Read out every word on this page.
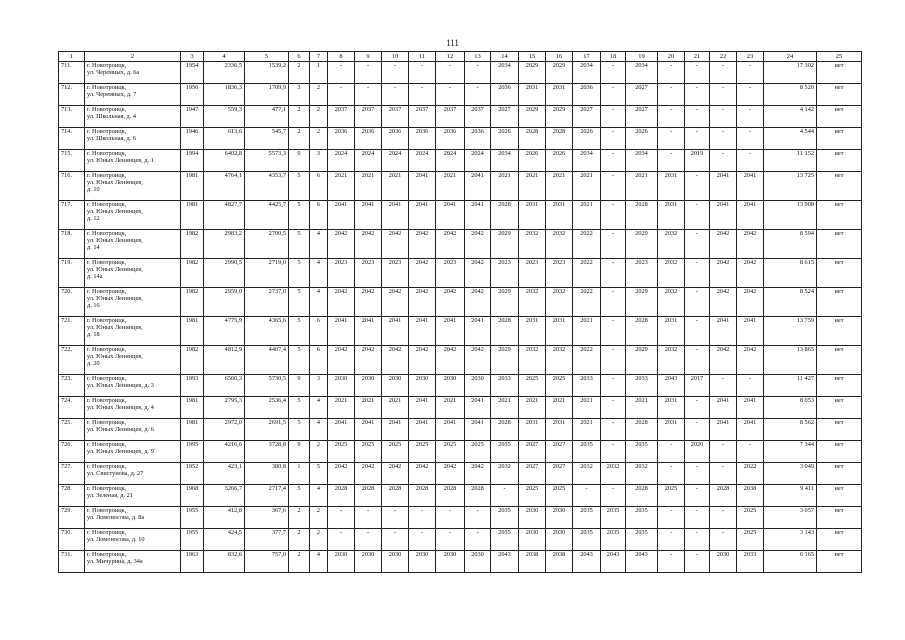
111
1	2	3	4	5	6	7	8	9	10	11	12	13	14	15	16	17	18	19	20	21	22	23	24	25
711.	г. Новотроицк,
ул. Черемных, д. 6а	1954	2336,5	1539,2	2	1	-	-	-	-	-	-	2034	2029	2029	2034	-	2034	-	-	-	-	17 302	нет
712.	г. Новотроицк,
ул. Черемных, д. 7	1956	1836,3	1709,9	3	2	-	-	-	-	-	-	2036	2031	2031	2036	-	2027	-	-	-	-	8 520	нет
713.	г. Новотроицк,
ул. Школьная, д. 4	1947	559,3	477,1	2	2	2037	2037	2037	2037	2037	2037	2027	2029	2029	2027	-	2027	-	-	-	-	4 142	нет
714.	г. Новотроицк,
ул. Школьная, д. 6	1946	613,6	545,7	2	2	2036	2036	2036	2036	2036	2036	2026	2028	2028	2026	-	2026	-	-	-	-	4 544	нет
715.	г. Новотроицк,
ул. Юных Ленинцев, д. 1	1994	6402,8	5573,3	9	3	2024	2024	2024	2024	2024	2024	2034	2026	2026	2034	-	2034	-	2019	-	-	11 152	нет
716.	г. Новотроицк,
ул. Юных Ленинцев,
д. 10	1981	4764,1	4353,7	5	6	2021	2021	2021	2041	2021	2041	2021	2021	2021	2021	-	2021	2031	-	2041	2041	13 725	нет
717.	г. Новотроицк,
ул. Юных Ленинцев,
д. 12	1981	4827,7	4425,7	5	6	2041	2041	2041	2041	2041	2041	2028	2031	2031	2021	-	2028	2031	-	2041	2041	13 908	нет
718.	г. Новотроицк,
ул. Юных Ленинцев,
д. 14	1982	2983,2	2700,5	5	4	2042	2042	2042	2042	2042	2042	2029	2032	2032	2022	-	2029	2032	-	2042	2042	8 594	нет
719.	г. Новотроицк,
ул. Юных Ленинцев,
д. 14а	1982	2990,5	2719,0	5	4	2023	2023	2023	2042	2023	2042	2023	2023	2023	2022	-	2023	2032	-	2042	2042	8 615	нет
720.	г. Новотроицк,
ул. Юных Ленинцев,
д. 16	1982	2959,0	2737,0	5	4	2042	2042	2042	2042	2042	2042	2029	2032	2032	2022	-	2029	2032	-	2042	2042	8 524	нет
721.	г. Новотроицк,
ул. Юных Ленинцев,
д. 18	1981	4775,9	4365,6	5	6	2041	2041	2041	2041	2041	2041	2028	2031	2031	2021	-	2028	2031	-	2041	2041	13 759	нет
722.	г. Новотроицк,
ул. Юных Ленинцев,
д. 20	1982	4812,9	4407,4	5	6	2042	2042	2042	2042	2042	2042	2029	2032	2032	2022	-	2029	2032	-	2042	2042	13 865	нет
723.	г. Новотроицк,
ул. Юных Ленинцев, д. 3	1993	6560,3	5730,5	9	3	2030	2030	2030	2030	2030	2030	2033	2025	2025	2033	-	2033	2043	2017	-	-	11 427	нет
724.	г. Новотроицк,
ул. Юных Ленинцев, д. 4	1981	2795,3	2536,4	5	4	2021	2021	2021	2041	2021	2041	2021	2021	2021	2021	-	2021	2031	-	2041	2041	8 053	нет
725.	г. Новотроицк,
ул. Юных Ленинцев, д. 6	1981	2972,0	2691,5	5	4	2041	2041	2041	2041	2041	2041	2028	2031	2031	2021	-	2028	2031	-	2041	2041	8 562	нет
726.	г. Новотроицк,
ул. Юных Ленинцев, д. 9	1995	4216,6	3728,8	9	2	2025	2025	2025	2025	2025	2025	2035	2027	2027	2035	-	2035	-	2020	-	-	7 344	нет
727.	г. Новотроицк,
ул. Свистунова, д. 27	1952	423,1	380,8	1	5	2042	2042	2042	2042	2042	2042	2032	2027	2027	2032	2032	2032	-	-	-	2022	3 049	нет
728.	г. Новотроицк,
ул. Зеленая, д. 21	1968	3266,7	2717,4	5	4	2028	2028	2028	2028	2028	2028	-	2025	2025	-	-	2028	2025	-	2028	2038	9 411	нет
729.	г. Новотроицк,
ул. Ломоносова, д. 8а	1955	412,8	367,6	2	2	-	-	-	-	-	-	2035	2030	2030	2035	2035	2035	-	-	-	2025	3 057	нет
730.	г. Новотроицк,
ул. Ломоносова, д. 10	1955	424,5	377,7	2	2	-	-	-	-	-	-	2035	2030	2030	2035	2035	2035	-	-	-	2025	3 143	нет
731.	г. Новотроицк,
ул. Мичурина, д. 34а	1963	832,6	757,0	2	4	2030	2030	2030	2030	2030	2030	2043	2038	2038	2043	2043	2043	-	-	2030	2033	6 165	нет
